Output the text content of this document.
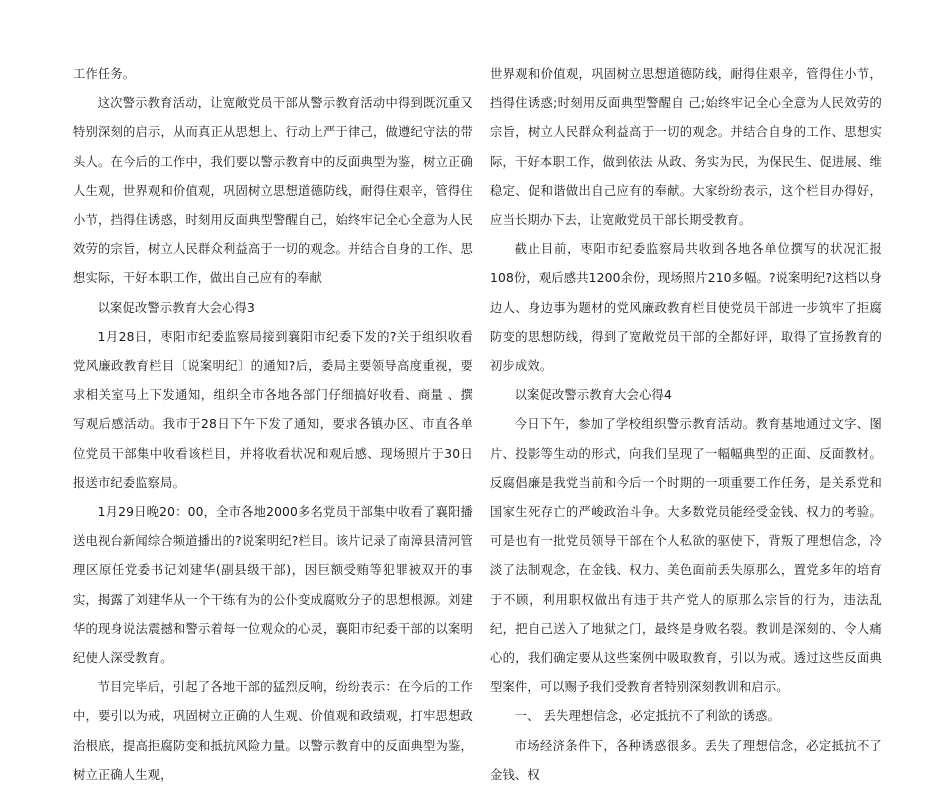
工作任务。

这次警示教育活动，让宽敞党员干部从警示教育活动中得到既沉重又特别深刻的启示，从而真正从思想上、行动上严于律己，做遵纪守法的带头人。在今后的工作中，我们要以警示教育中的反面典型为鉴，树立正确人生观，世界观和价值观，巩固树立思想道德防线，耐得住艰辛，管得住小节，挡得住诱惑，时刻用反面典型警醒自己，始终牢记全心全意为人民效劳的宗旨，树立人民群众利益高于一切的观念。并结合自身的工作、思想实际，干好本职工作，做出自己应有的奉献

以案促改警示教育大会心得3

1月28日，枣阳市纪委监察局接到襄阳市纪委下发的?关于组织收看党风廉政教育栏目〔说案明纪〕的通知?后，委局主要领导高度重视，要求相关室马上下发通知，组织全市各地各部门仔细搞好收看、商量 、撰写观后感活动。我市于28日下午下发了通知，要求各镇办区、市直各单位党员干部集中收看该栏目，并将收看状况和观后感、现场照片于30日报送市纪委监察局。

1月29日晚20：00，全市各地2000多名党员干部集中收看了襄阳播送电视台新闻综合频道播出的?说案明纪?栏目。该片记录了南漳县清河管理区原任党委书记刘建华(副县级干部)，因巨额受贿等犯罪被双开的事实，揭露了刘建华从一个干练有为的公仆变成腐败分子的思想根源。刘建华的现身说法震撼和警示着每一位观众的心灵，襄阳市纪委干部的以案明纪使人深受教育。

节目完毕后，引起了各地干部的猛烈反响，纷纷表示：在今后的工作中，要引以为戒，巩固树立正确的人生观、价值观和政绩观，打牢思想政治根底，提高拒腐防变和抵抗风险力量。以警示教育中的反面典型为鉴，树立正确人生观，

世界观和价值观，巩固树立思想道德防线，耐得住艰辛，管得住小节，挡得住诱惑;时刻用反面典型警醒自 己;始终牢记全心全意为人民效劳的宗旨，树立人民群众利益高于一切的观念。并结合自身的工作、思想实际，干好本职工作，做到依法 从政、务实为民，为保民生、促进展、维稳定、促和谐做出自己应有的奉献。大家纷纷表示，这个栏目办得好，应当长期办下去，让宽敞党员干部长期受教育。

截止目前，枣阳市纪委监察局共收到各地各单位撰写的状况汇报108份，观后感共1200余份，现场照片210多幅。?说案明纪?这档以身边人、身边事为题材的党风廉政教育栏目使党员干部进一步筑牢了拒腐防变的思想防线，得到了宽敞党员干部的全都好评，取得了宣扬教育的初步成效。

以案促改警示教育大会心得4

今日下午，参加了学校组织警示教育活动。教育基地通过文字、图片、投影等生动的形式，向我们呈现了一幅幅典型的正面、反面教材。反腐倡廉是我党当前和今后一个时期的一项重要工作任务，是关系党和国家生死存亡的严峻政治斗争。大多数党员能经受金钱、权力的考验。可是也有一批党员领导干部在个人私欲的驱使下，背叛了理想信念，冷淡了法制观念，在金钱、权力、美色面前丢失原那么，置党多年的培育于不顾，利用职权做出有违于共产党人的原那么宗旨的行为，违法乱纪，把自己送入了地狱之门，最终是身败名裂。教训是深刻的、令人痛心的，我们确定要从这些案例中吸取教育，引以为戒。透过这些反面典型案件，可以赐予我们受教育者特别深刻教训和启示。

一、 丢失理想信念，必定抵抗不了利欲的诱惑。

市场经济条件下，各种诱惑很多。丢失了理想信念，必定抵抗不了金钱、权
